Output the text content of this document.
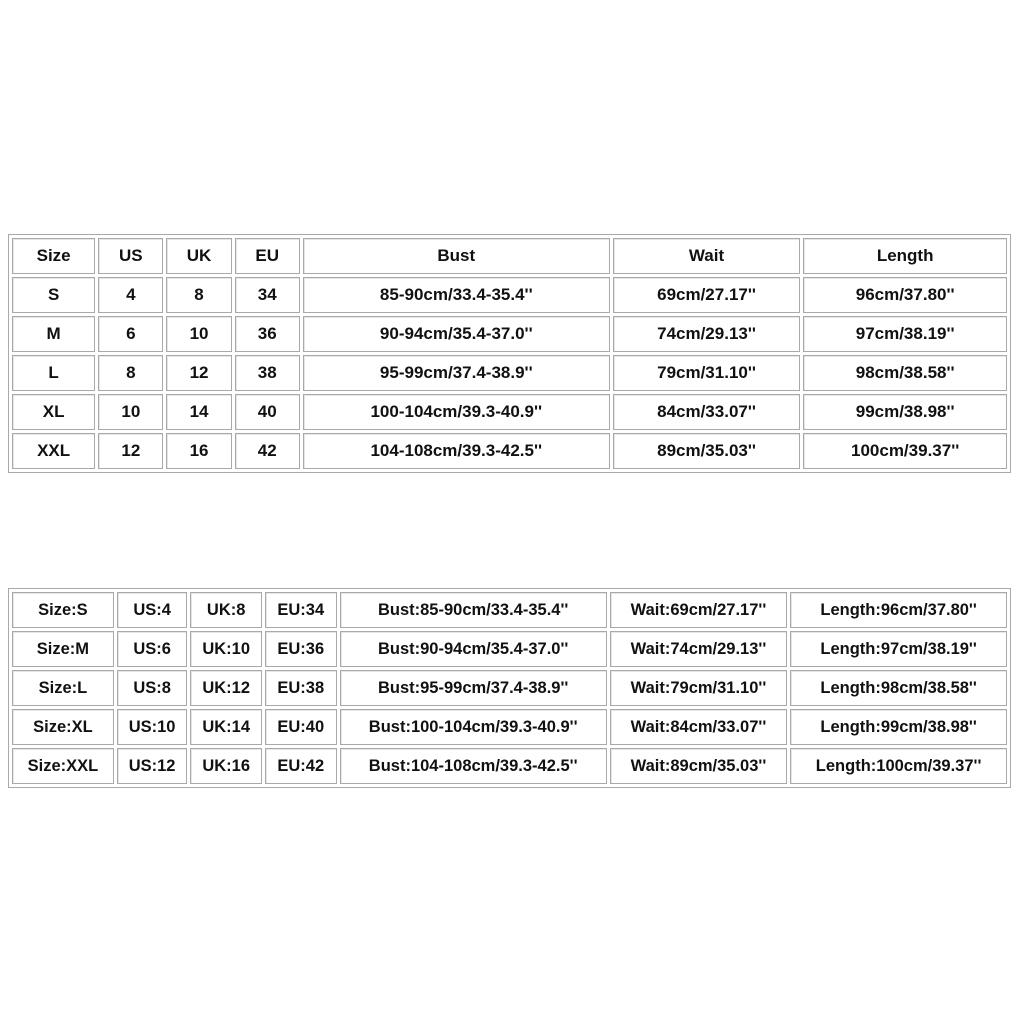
Size	US	UK	EU	Bust	Wait	Length
S	4	8	34	85-90cm/33.4-35.4''	69cm/27.17''	96cm/37.80''
M	6	10	36	90-94cm/35.4-37.0''	74cm/29.13''	97cm/38.19''
L	8	12	38	95-99cm/37.4-38.9''	79cm/31.10''	98cm/38.58''
XL	10	14	40	100-104cm/39.3-40.9''	84cm/33.07''	99cm/38.98''
XXL	12	16	42	104-108cm/39.3-42.5''	89cm/35.03''	100cm/39.37''
Size:S	US:4	UK:8	EU:34	Bust:85-90cm/33.4-35.4''	Wait:69cm/27.17''	Length:96cm/37.80''
Size:M	US:6	UK:10	EU:36	Bust:90-94cm/35.4-37.0''	Wait:74cm/29.13''	Length:97cm/38.19''
Size:L	US:8	UK:12	EU:38	Bust:95-99cm/37.4-38.9''	Wait:79cm/31.10''	Length:98cm/38.58''
Size:XL	US:10	UK:14	EU:40	Bust:100-104cm/39.3-40.9''	Wait:84cm/33.07''	Length:99cm/38.98''
Size:XXL	US:12	UK:16	EU:42	Bust:104-108cm/39.3-42.5''	Wait:89cm/35.03''	Length:100cm/39.37''
